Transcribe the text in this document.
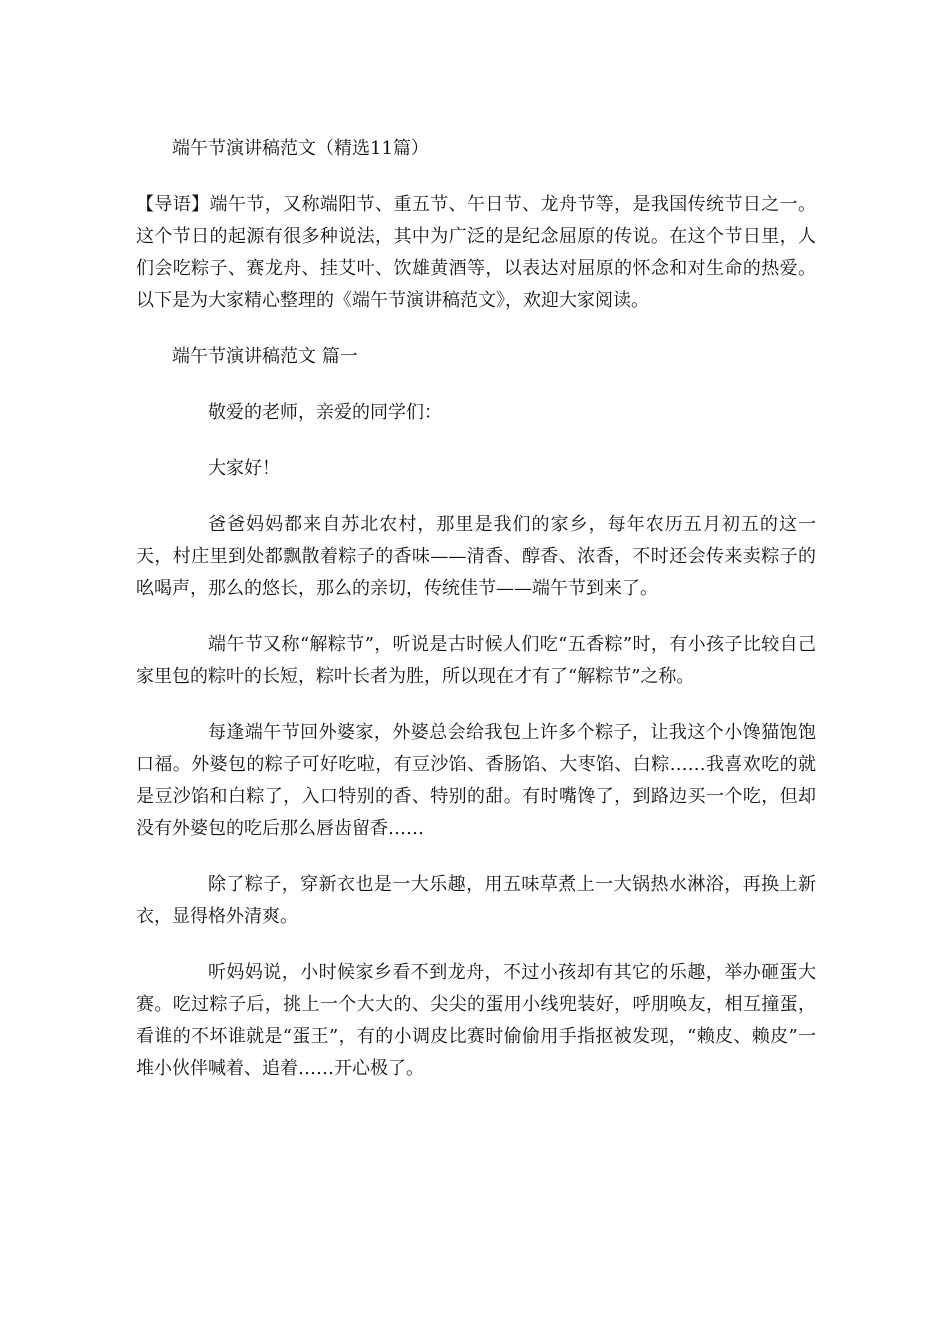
端午节演讲稿范文（精选11篇）
【导语】端午节，又称端阳节、重五节、午日节、龙舟节等，是我国传统节日之一。这个节日的起源有很多种说法，其中为广泛的是纪念屈原的传说。在这个节日里，人们会吃粽子、赛龙舟、挂艾叶、饮雄黄酒等，以表达对屈原的怀念和对生命的热爱。以下是为大家精心整理的《端午节演讲稿范文》，欢迎大家阅读。
端午节演讲稿范文 篇一
敬爱的老师，亲爱的同学们：
大家好！
爸爸妈妈都来自苏北农村，那里是我们的家乡，每年农历五月初五的这一天，村庄里到处都飘散着粽子的香味——清香、醇香、浓香，不时还会传来卖粽子的吆喝声，那么的悠长，那么的亲切，传统佳节——端午节到来了。
端午节又称“解粽节”，听说是古时候人们吃“五香粽”时，有小孩子比较自己家里包的粽叶的长短，粽叶长者为胜，所以现在才有了“解粽节”之称。
每逢端午节回外婆家，外婆总会给我包上许多个粽子，让我这个小馋猫饱饱口福。外婆包的粽子可好吃啦，有豆沙馅、香肠馅、大枣馅、白粽……我喜欢吃的就是豆沙馅和白粽了，入口特别的香、特别的甜。有时嘴馋了，到路边买一个吃，但却没有外婆包的吃后那么唇齿留香……
除了粽子，穿新衣也是一大乐趣，用五味草煮上一大锅热水淋浴，再换上新衣，显得格外清爽。
听妈妈说，小时候家乡看不到龙舟，不过小孩却有其它的乐趣，举办砸蛋大赛。吃过粽子后，挑上一个大大的、尖尖的蛋用小线兜装好，呼朋唤友，相互撞蛋，看谁的不坏谁就是“蛋王”，有的小调皮比赛时偷偷用手指抠被发现，“赖皮、赖皮”一堆小伙伴喊着、追着……开心极了。
